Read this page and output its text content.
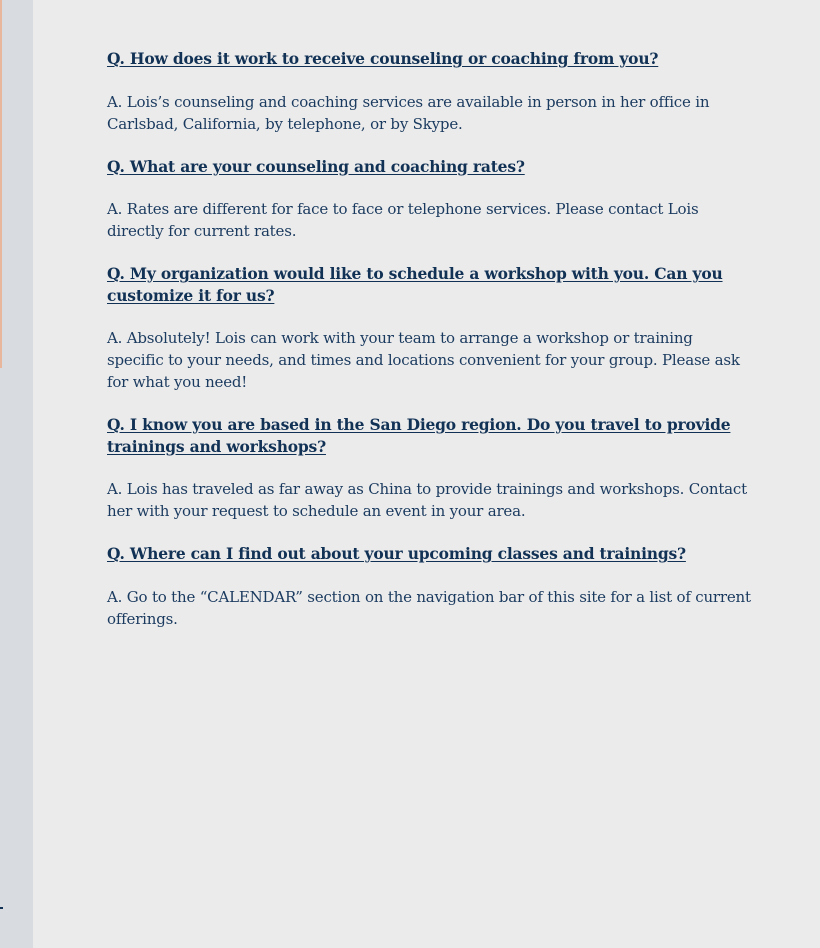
Q. How does it work to receive counseling or coaching from you?

A. Lois’s counseling and coaching services are available in person in her office in Carlsbad, California, by telephone, or by Skype.

Q. What are your counseling and coaching rates?

A. Rates are different for face to face or telephone services. Please contact Lois directly for current rates.

Q. My organization would like to schedule a workshop with you. Can you customize it for us?

A. Absolutely! Lois can work with your team to arrange a workshop or training specific to your needs, and times and locations convenient for your group. Please ask for what you need!

Q. I know you are based in the San Diego region. Do you travel to provide trainings and workshops?

A. Lois has traveled as far away as China to provide trainings and workshops. Contact her with your request to schedule an event in your area.

Q. Where can I find out about your upcoming classes and trainings?

A. Go to the “CALENDAR” section on the navigation bar of this site for a list of current offerings.
